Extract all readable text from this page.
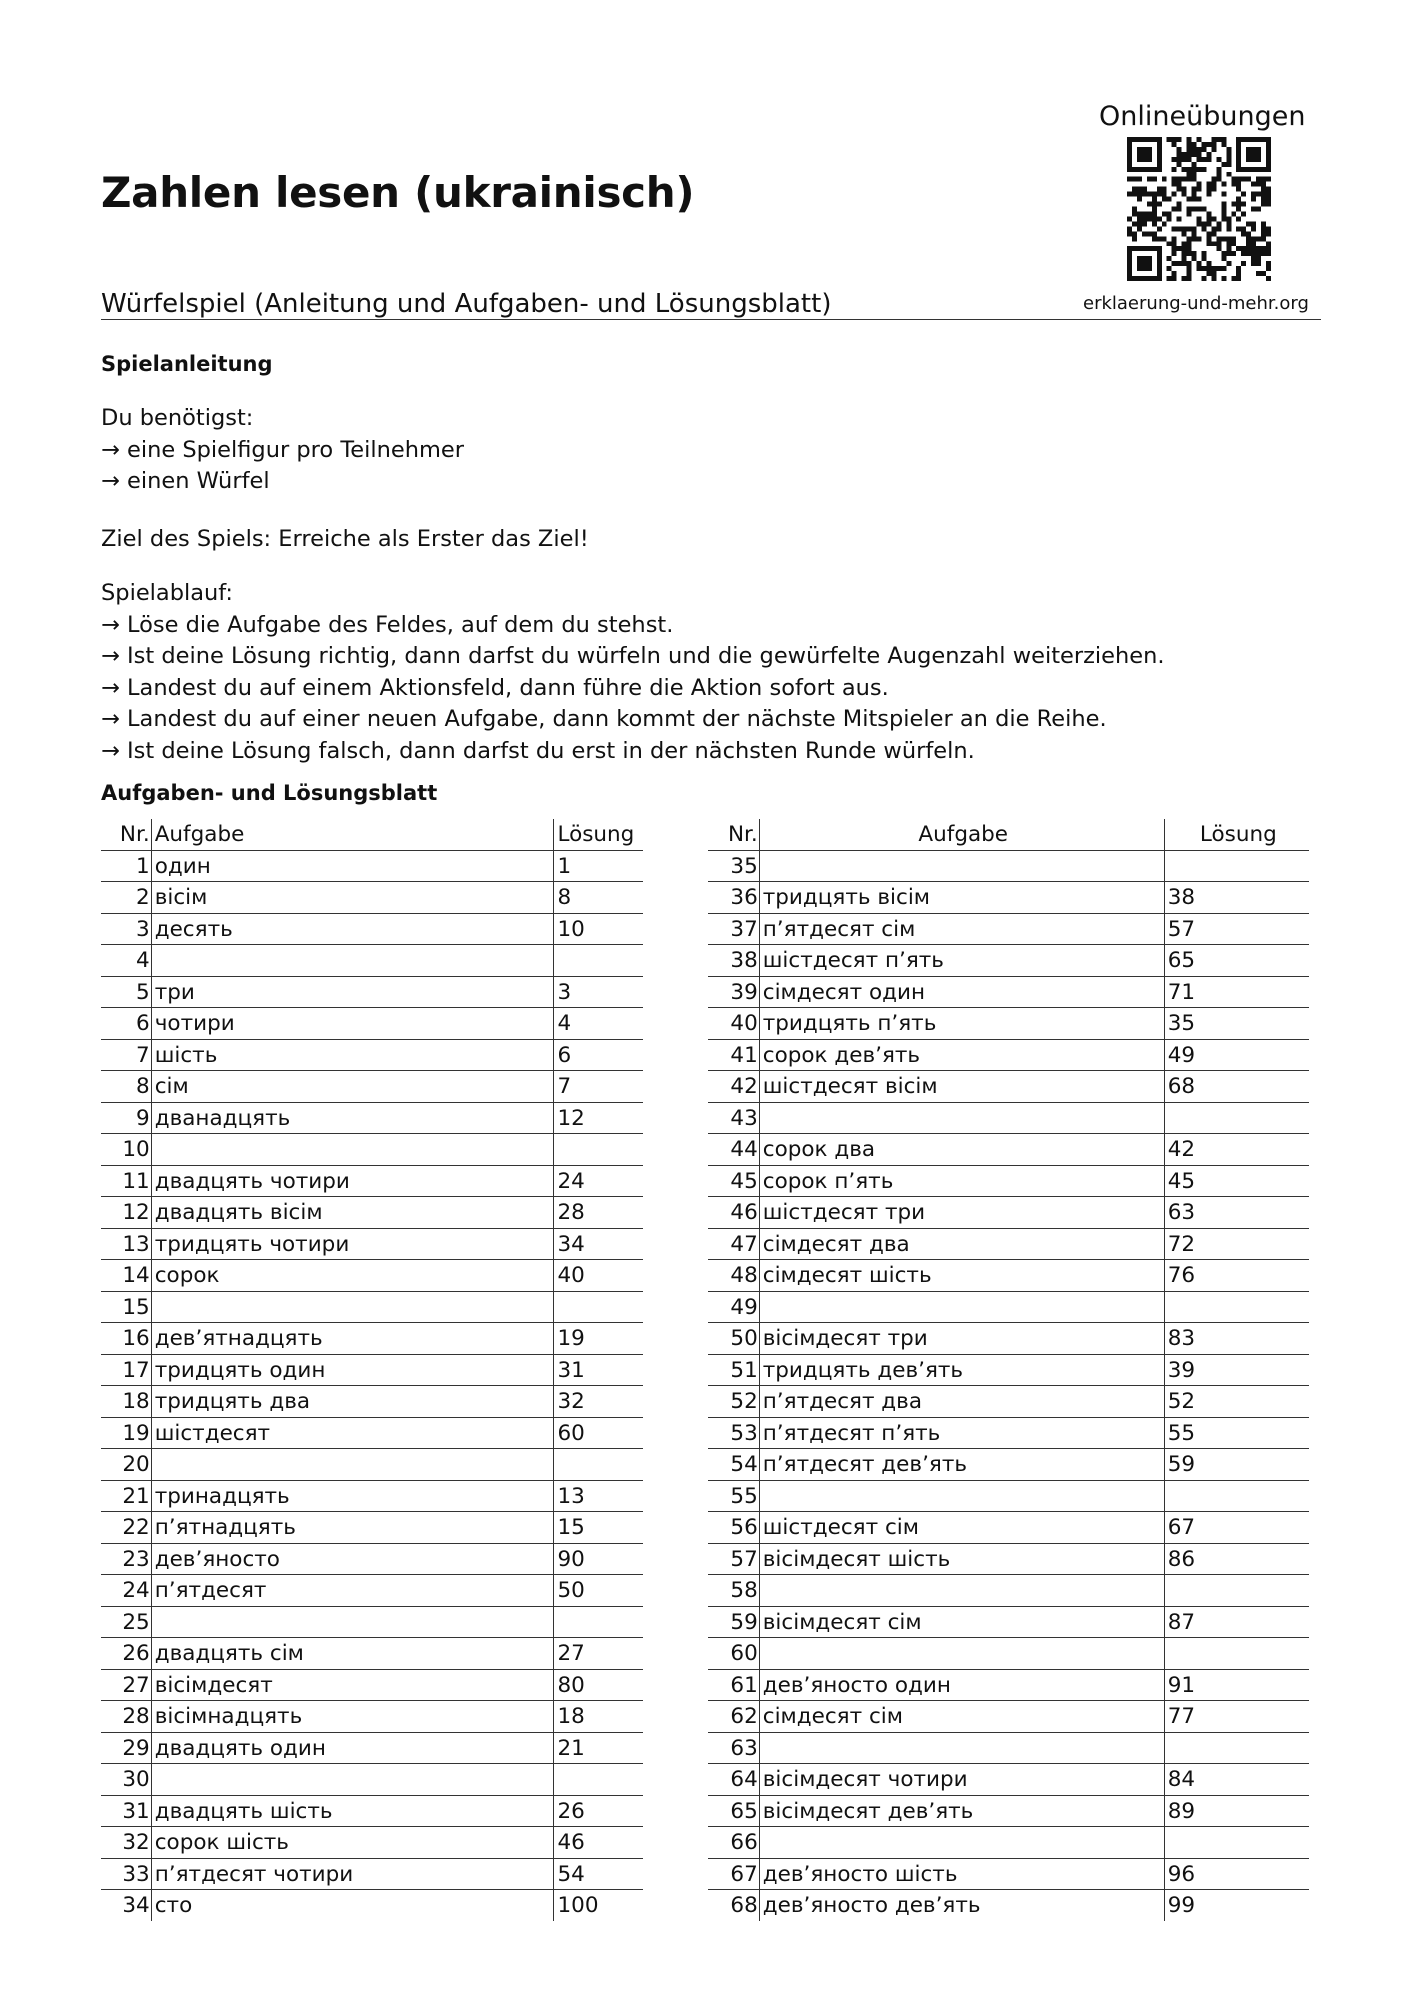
Zahlen lesen (ukrainisch)
Onlineübungen
erklaerung-und-mehr.org
Würfelspiel (Anleitung und Aufgaben- und Lösungsblatt)
Spielanleitung
Du benötigst:
→ eine Spielfigur pro Teilnehmer
→ einen Würfel
Ziel des Spiels: Erreiche als Erster das Ziel!
Spielablauf:
→ Löse die Aufgabe des Feldes, auf dem du stehst.
→ Ist deine Lösung richtig, dann darfst du würfeln und die gewürfelte Augenzahl weiterziehen.
→ Landest du auf einem Aktionsfeld, dann führe die Aktion sofort aus.
→ Landest du auf einer neuen Aufgabe, dann kommt der nächste Mitspieler an die Reihe.
→ Ist deine Lösung falsch, dann darfst du erst in der nächsten Runde würfeln.
Aufgaben- und Lösungsblatt
Nr. Aufgabe	Lösung
1 один	1
2 вісім	8
3 десять	10
4
5 три	3
6 чотири	4
7 шість	6
8 сім	7
9 дванадцять	12
10
11 двадцять чотири	24
12 двадцять вісім	28
13 тридцять чотири	34
14 сорок	40
15
16 дев’ятнадцять	19
17 тридцять один	31
18 тридцять два	32
19 шістдесят	60
20
21 тринадцять	13
22 п’ятнадцять	15
23 дев’яносто	90
24 п’ятдесят	50
25
26 двадцять сім	27
27 вісімдесят	80
28 вісімнадцять	18
29 двадцять один	21
30
31 двадцять шість	26
32 сорок шість	46
33 п’ятдесят чотири	54
34 сто	100
Nr.	Aufgabe	Lösung
35
36 тридцять вісім	38
37 п’ятдесят сім	57
38 шістдесят п’ять	65
39 сімдесят один	71
40 тридцять п’ять	35
41 сорок дев’ять	49
42 шістдесят вісім	68
43
44 сорок два	42
45 сорок п’ять	45
46 шістдесят три	63
47 сімдесят два	72
48 сімдесят шість	76
49
50 вісімдесят три	83
51 тридцять дев’ять	39
52 п’ятдесят два	52
53 п’ятдесят п’ять	55
54 п’ятдесят дев’ять	59
55
56 шістдесят сім	67
57 вісімдесят шість	86
58
59 вісімдесят сім	87
60
61 дев’яносто один	91
62 сімдесят сім	77
63
64 вісімдесят чотири	84
65 вісімдесят дев’ять	89
66
67 дев’яносто шість	96
68 дев’яносто дев’ять	99
